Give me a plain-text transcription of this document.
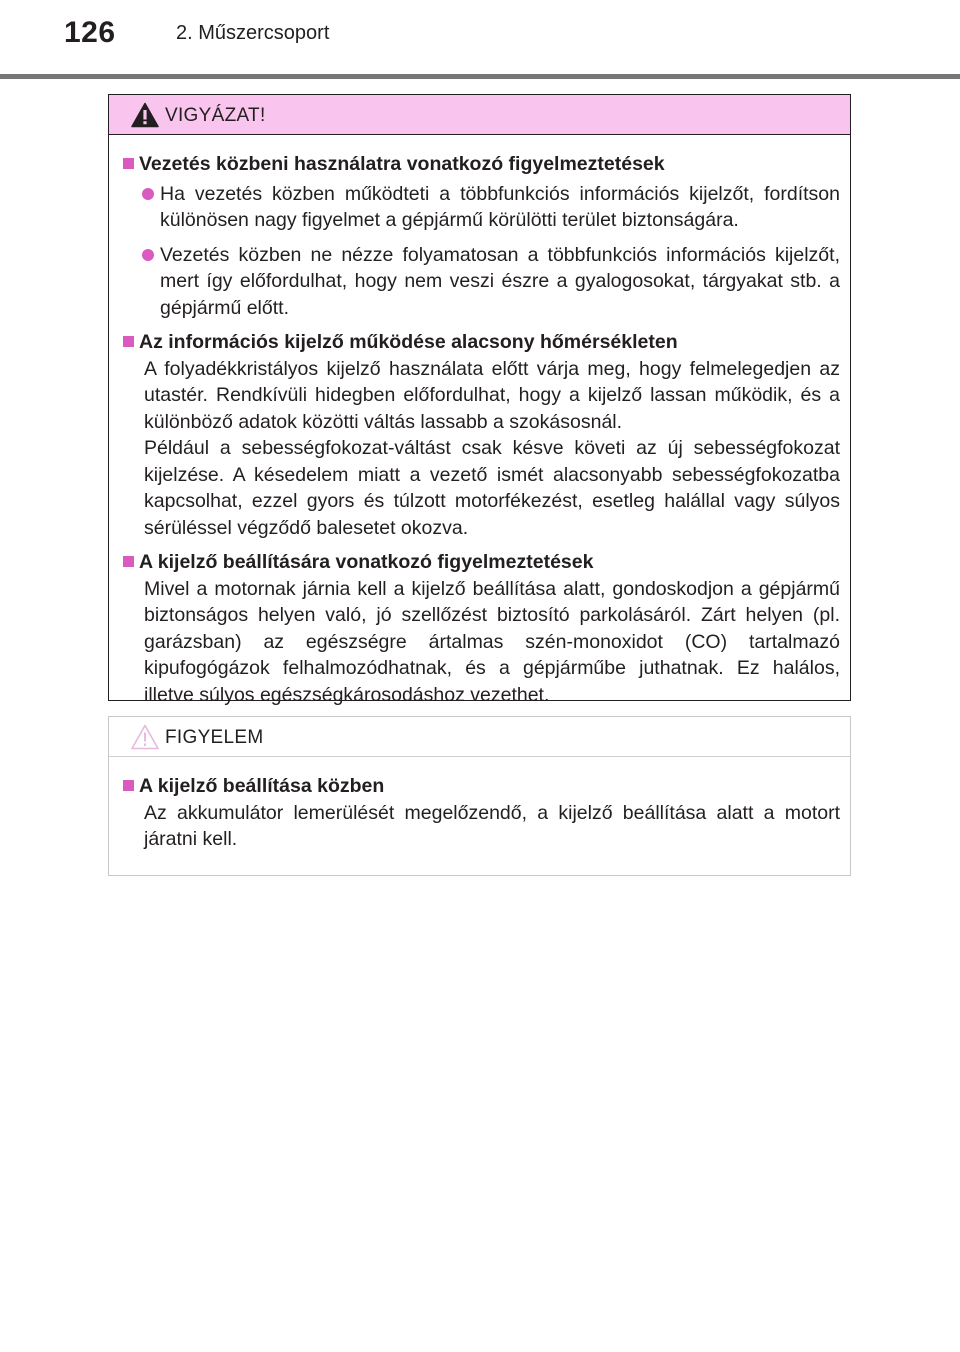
126	2. Műszercsoport
VIGYÁZAT!
Vezetés közbeni használatra vonatkozó figyelmeztetések
Ha vezetés közben működteti a többfunkciós információs kijelzőt, fordítson különösen nagy figyelmet a gépjármű körülötti terület biztonságára.
Vezetés közben ne nézze folyamatosan a többfunkciós információs kijelzőt, mert így előfordulhat, hogy nem veszi észre a gyalogosokat, tárgyakat stb. a gépjármű előtt.
Az információs kijelző működése alacsony hőmérsékleten
A folyadékkristályos kijelző használata előtt várja meg, hogy felmelegedjen az utastér. Rendkívüli hidegben előfordulhat, hogy a kijelző lassan működik, és a különböző adatok közötti váltás lassabb a szokásosnál.
Például a sebességfokozat-váltást csak késve követi az új sebességfokozat kijelzése. A késedelem miatt a vezető ismét alacsonyabb sebességfokozatba kapcsolhat, ezzel gyors és túlzott motorfékezést, esetleg halállal vagy súlyos sérüléssel végződő balesetet okozva.
A kijelző beállítására vonatkozó figyelmeztetések
Mivel a motornak járnia kell a kijelző beállítása alatt, gondoskodjon a gépjármű biztonságos helyen való, jó szellőzést biztosító parkolásáról. Zárt helyen (pl. garázsban) az egészségre ártalmas szén-monoxidot (CO) tartalmazó kipufogógázok felhalmozódhatnak, és a gépjárműbe juthatnak. Ez halálos, illetve súlyos egészségkárosodáshoz vezethet.
FIGYELEM
A kijelző beállítása közben
Az akkumulátor lemerülését megelőzendő, a kijelző beállítása alatt a motort járatni kell.
